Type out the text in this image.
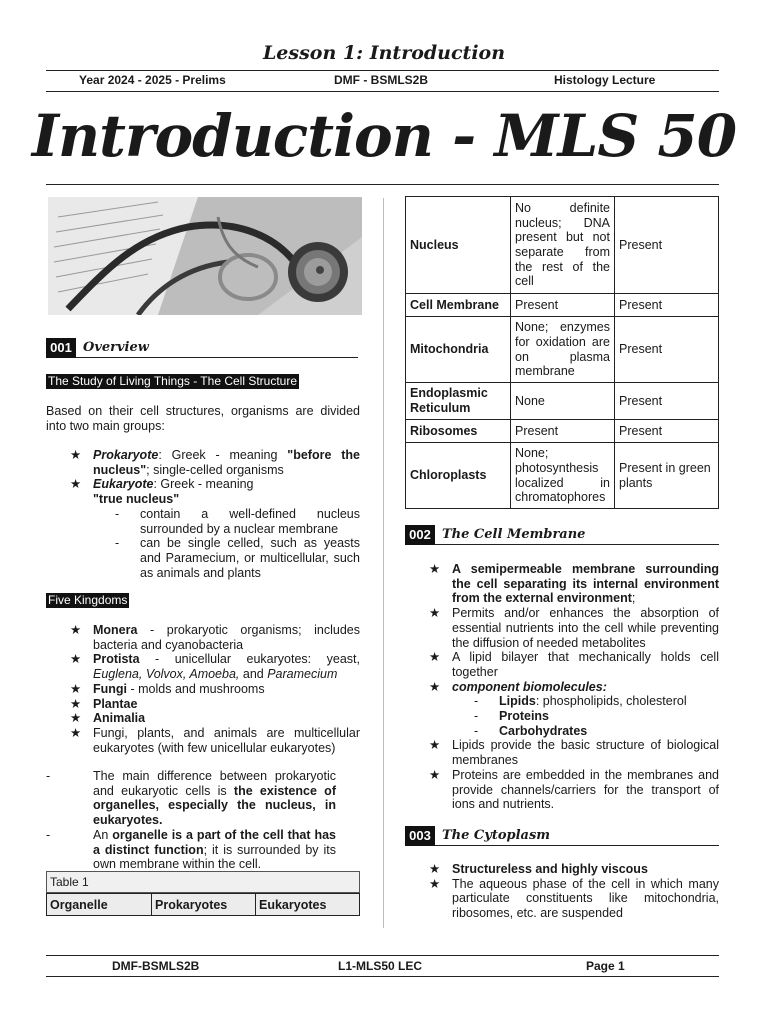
Lesson 1: Introduction
Year 2024 - 2025 - Prelims	DMF - BSMLS2B	Histology Lecture
Introduction - MLS 50
001 Overview
The Study of Living Things - The Cell Structure
Based on their cell structures, organisms are divided into two main groups:
★ Prokaryote: Greek - meaning "before the nucleus"; single-celled organisms
★ Eukaryote: Greek - meaning
"true nucleus"
- contain a well-defined nucleus surrounded by a nuclear membrane
- can be single celled, such as yeasts and Paramecium, or multicellular, such as animals and plants
Five Kingdoms
★ Monera - prokaryotic organisms; includes bacteria and cyanobacteria
★ Protista - unicellular eukaryotes: yeast, Euglena, Volvox, Amoeba, and Paramecium
★ Fungi - molds and mushrooms
★ Plantae
★ Animalia
★ Fungi, plants, and animals are multicellular eukaryotes (with few unicellular eukaryotes)
-	The main difference between prokaryotic and eukaryotic cells is the existence of organelles, especially the nucleus, in eukaryotes.
-	An organelle is a part of the cell that has a distinct function; it is surrounded by its own membrane within the cell.
Table 1
Organelle	Prokaryotes	Eukaryotes
Nucleus	No definite nucleus; DNA present but not separate from the rest of the cell	Present
Cell Membrane	Present	Present
Mitochondria	None; enzymes for oxidation are on plasma membrane	Present
Endoplasmic Reticulum	None	Present
Ribosomes	Present	Present
Chloroplasts	None; photosynthesis localized in chromatophores	Present in green plants
002 The Cell Membrane
★ A semipermeable membrane surrounding the cell separating its internal environment from the external environment;
★ Permits and/or enhances the absorption of essential nutrients into the cell while preventing the diffusion of needed metabolites
★ A lipid bilayer that mechanically holds cell together
★ component biomolecules:
- Lipids: phospholipids, cholesterol
- Proteins
- Carbohydrates
★ Lipids provide the basic structure of biological membranes
★ Proteins are embedded in the membranes and provide channels/carriers for the transport of ions and nutrients.
003 The Cytoplasm
★ Structureless and highly viscous
★ The aqueous phase of the cell in which many particulate constituents like mitochondria, ribosomes, etc. are suspended
DMF-BSMLS2B	L1-MLS50 LEC	Page 1
